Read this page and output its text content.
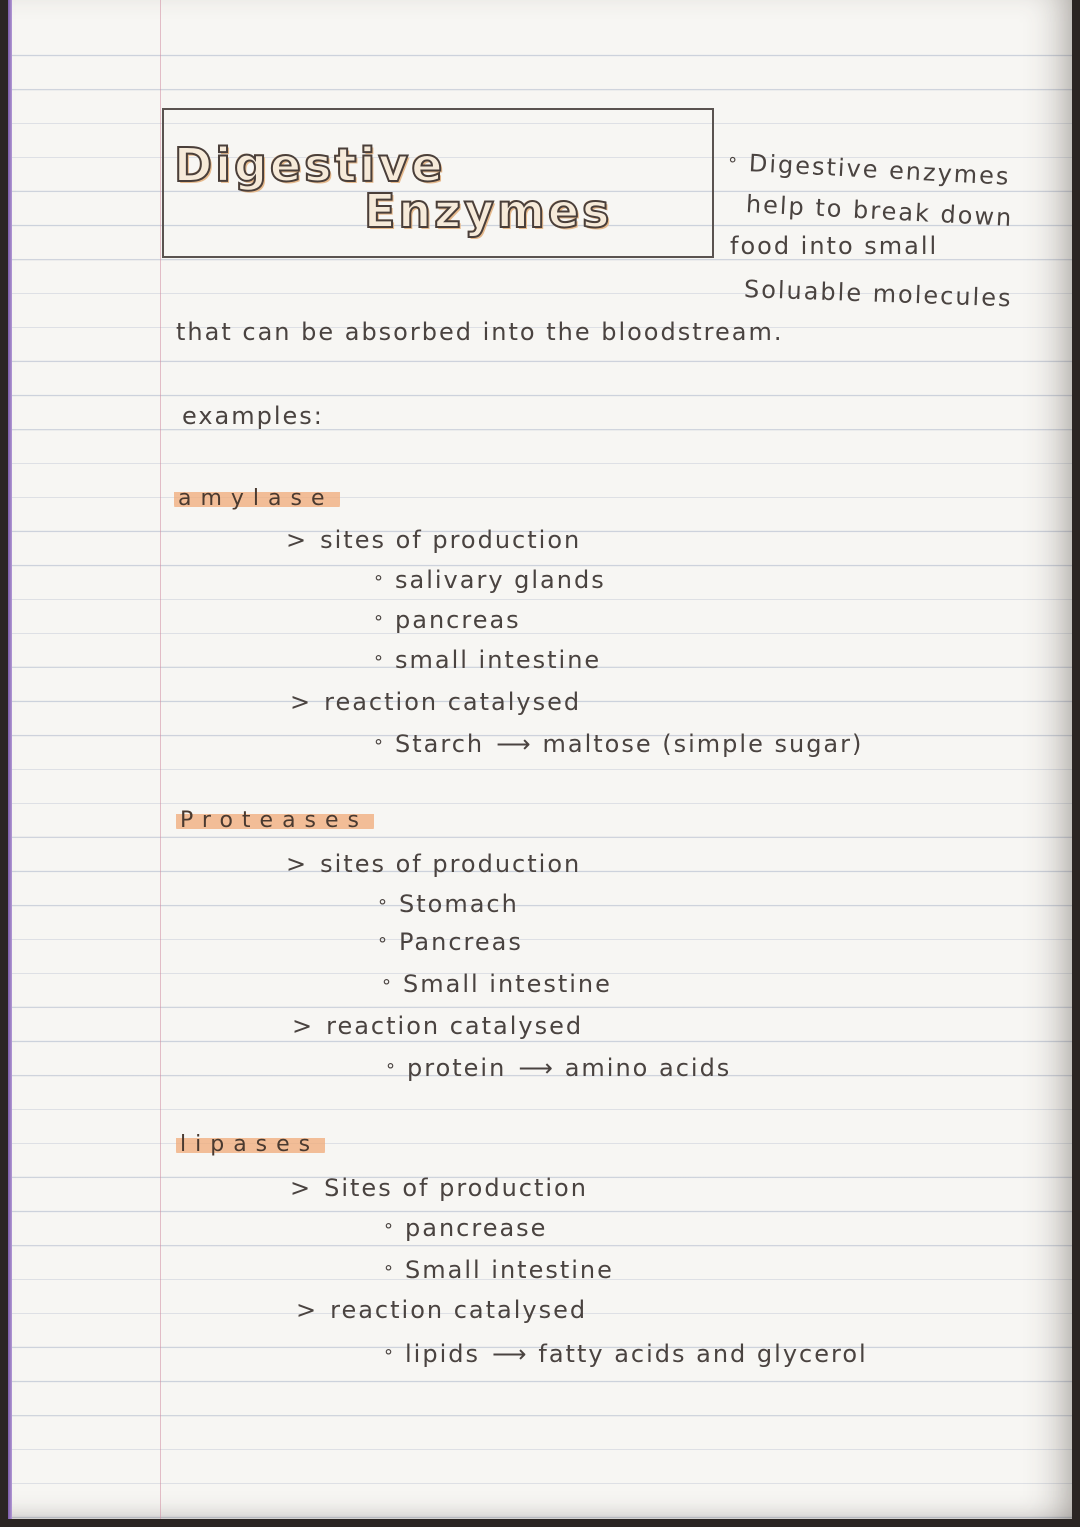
Digestive
Enzymes
° Digestive enzymes
help to break down
food into small
Soluable molecules
that can be absorbed into the bloodstream.
examples:
amylase
> sites of production
° salivary glands
° pancreas
° small intestine
> reaction catalysed
° Starch ⟶ maltose (simple sugar)
Proteases
> sites of production
° Stomach
° Pancreas
° Small intestine
> reaction catalysed
° protein ⟶ amino acids
lipases
> Sites of production
° pancrease
° Small intestine
> reaction catalysed
° lipids ⟶ fatty acids and glycerol
